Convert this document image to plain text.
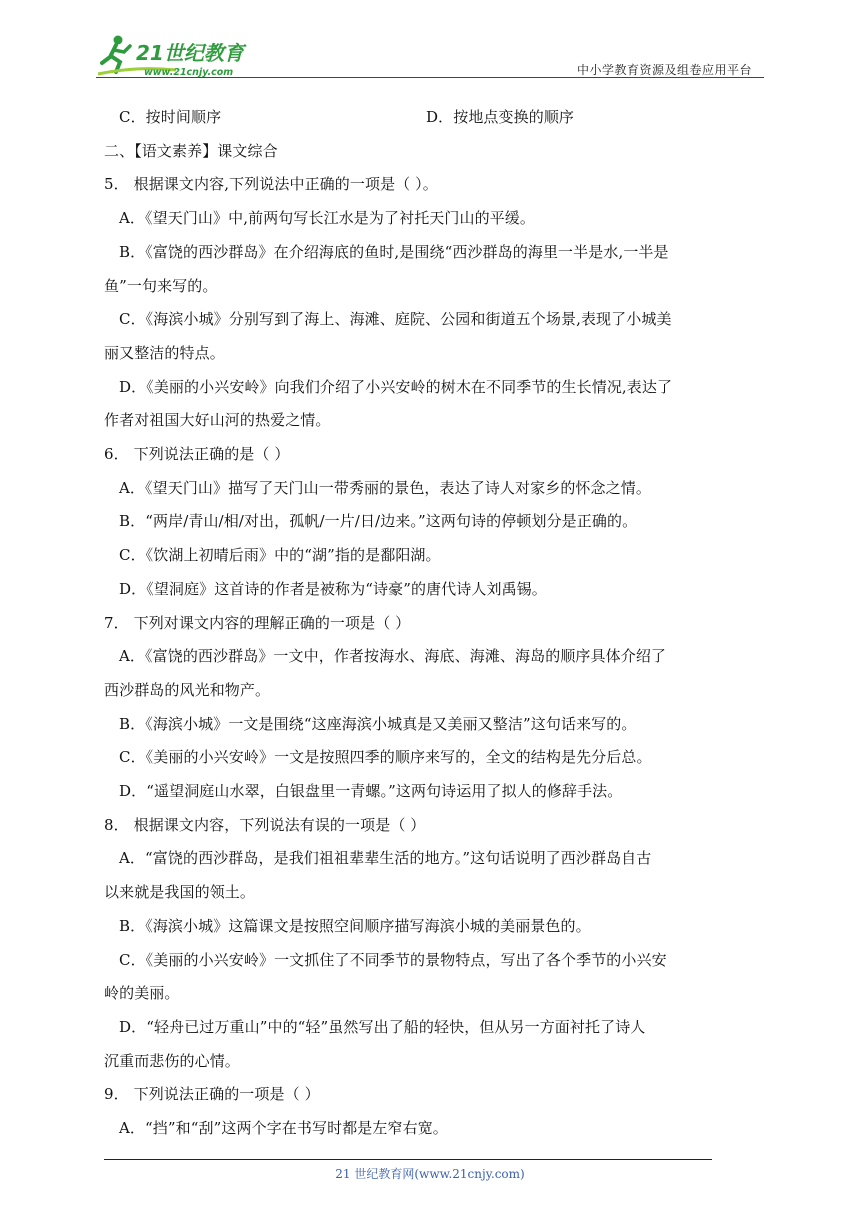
21世纪教育
www.21cnjy.com	中小学教育资源及组卷应用平台
C．按时间顺序	D．按地点变换的顺序
二、【语文素养】课文综合
5． 根据课文内容,下列说法中正确的一项是（ ）。
A．《望天门山》中,前两句写长江水是为了衬托天门山的平缓。
B．《富饶的西沙群岛》在介绍海底的鱼时,是围绕“西沙群岛的海里一半是水,一半是
鱼”一句来写的。
C．《海滨小城》分别写到了海上、海滩、庭院、公园和街道五个场景,表现了小城美
丽又整洁的特点。
D．《美丽的小兴安岭》向我们介绍了小兴安岭的树木在不同季节的生长情况,表达了
作者对祖国大好山河的热爱之情。
6． 下列说法正确的是（ ）
A．《望天门山》描写了天门山一带秀丽的景色，表达了诗人对家乡的怀念之情。
B．“两岸/青山/相/对出，孤帆/一片/日/边来。”这两句诗的停顿划分是正确的。
C．《饮湖上初晴后雨》中的“湖”指的是鄱阳湖。
D．《望洞庭》这首诗的作者是被称为“诗豪”的唐代诗人刘禹锡。
7． 下列对课文内容的理解正确的一项是（ ）
A．《富饶的西沙群岛》一文中，作者按海水、海底、海滩、海岛的顺序具体介绍了
西沙群岛的风光和物产。
B．《海滨小城》一文是围绕“这座海滨小城真是又美丽又整洁”这句话来写的。
C．《美丽的小兴安岭》一文是按照四季的顺序来写的，全文的结构是先分后总。
D．“遥望洞庭山水翠，白银盘里一青螺。”这两句诗运用了拟人的修辞手法。
8． 根据课文内容，下列说法有误的一项是（ ）
A．“富饶的西沙群岛，是我们祖祖辈辈生活的地方。”这句话说明了西沙群岛自古
以来就是我国的领土。
B．《海滨小城》这篇课文是按照空间顺序描写海滨小城的美丽景色的。
C．《美丽的小兴安岭》一文抓住了不同季节的景物特点，写出了各个季节的小兴安
岭的美丽。
D．“轻舟已过万重山”中的“轻”虽然写出了船的轻快，但从另一方面衬托了诗人
沉重而悲伤的心情。
9． 下列说法正确的一项是（ ）
A．“挡”和“刮”这两个字在书写时都是左窄右宽。
21 世纪教育网(www.21cnjy.com)
